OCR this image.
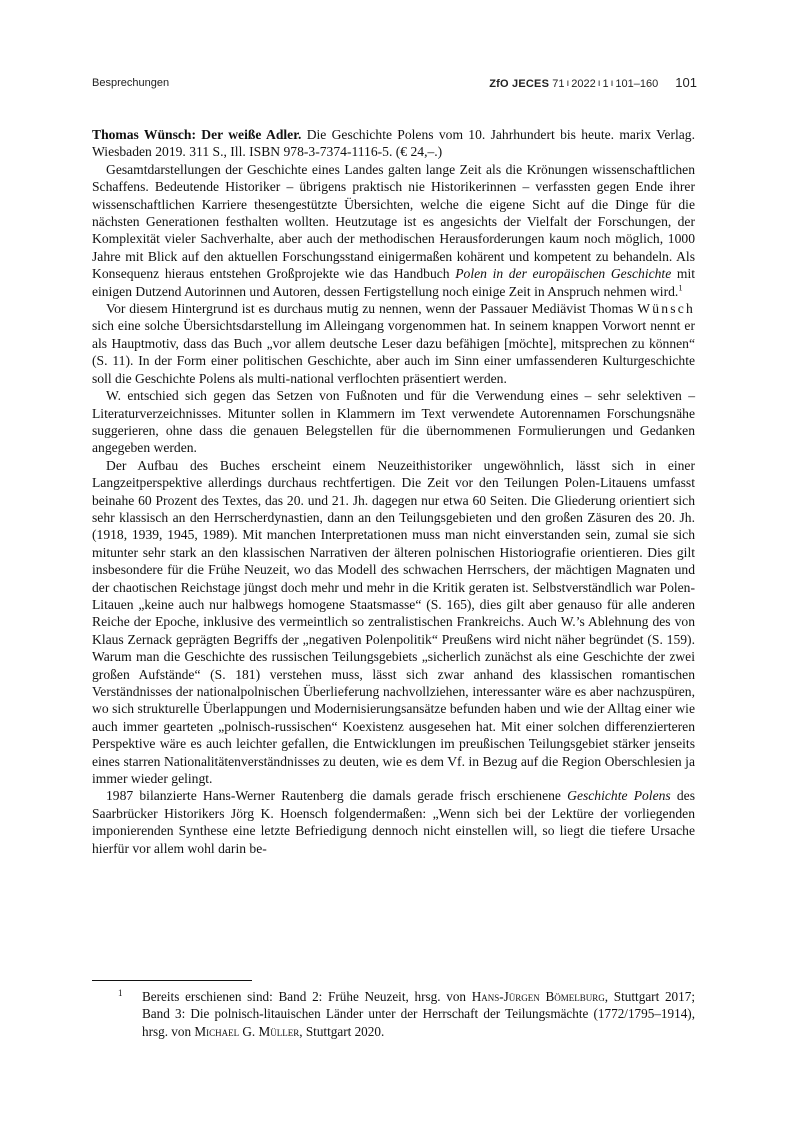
Besprechungen	ZfO JECES 71 ı 2022 ı 1 ı 101–160 101

Thomas Wünsch: Der weiße Adler. Die Geschichte Polens vom 10. Jahrhundert bis heute. marix Verlag. Wiesbaden 2019. 311 S., Ill. ISBN 978-3-7374-1116-5. (€ 24,–.)

Gesamtdarstellungen der Geschichte eines Landes galten lange Zeit als die Krönungen wissenschaftlichen Schaffens. Bedeutende Historiker – übrigens praktisch nie Historikerinnen – verfassten gegen Ende ihrer wissenschaftlichen Karriere thesengestützte Übersichten, welche die eigene Sicht auf die Dinge für die nächsten Generationen festhalten wollten. Heutzutage ist es angesichts der Vielfalt der Forschungen, der Komplexität vieler Sachverhalte, aber auch der methodischen Herausforderungen kaum noch möglich, 1000 Jahre mit Blick auf den aktuellen Forschungsstand einigermaßen kohärent und kompetent zu behandeln. Als Konsequenz hieraus entstehen Großprojekte wie das Handbuch Polen in der europäischen Geschichte mit einigen Dutzend Autorinnen und Autoren, dessen Fertigstellung noch einige Zeit in Anspruch nehmen wird.$^1$

Vor diesem Hintergrund ist es durchaus mutig zu nennen, wenn der Passauer Mediävist Thomas Wünsch sich eine solche Übersichtsdarstellung im Alleingang vorgenommen hat. In seinem knappen Vorwort nennt er als Hauptmotiv, dass das Buch „vor allem deutsche Leser dazu befähigen [möchte], mitsprechen zu können“ (S. 11). In der Form einer politischen Geschichte, aber auch im Sinn einer umfassenderen Kulturgeschichte soll die Geschichte Polens als multi-national verflochten präsentiert werden.

W. entschied sich gegen das Setzen von Fußnoten und für die Verwendung eines – sehr selektiven – Literaturverzeichnisses. Mitunter sollen in Klammern im Text verwendete Autorennamen Forschungsnähe suggerieren, ohne dass die genauen Belegstellen für die übernommenen Formulierungen und Gedanken angegeben werden.

Der Aufbau des Buches erscheint einem Neuzeithistoriker ungewöhnlich, lässt sich in einer Langzeitperspektive allerdings durchaus rechtfertigen. Die Zeit vor den Teilungen Polen-Litauens umfasst beinahe 60 Prozent des Textes, das 20. und 21. Jh. dagegen nur etwa 60 Seiten. Die Gliederung orientiert sich sehr klassisch an den Herrscherdynastien, dann an den Teilungsgebieten und den großen Zäsuren des 20. Jh. (1918, 1939, 1945, 1989). Mit manchen Interpretationen muss man nicht einverstanden sein, zumal sie sich mitunter sehr stark an den klassischen Narrativen der älteren polnischen Historiografie orientieren. Dies gilt insbesondere für die Frühe Neuzeit, wo das Modell des schwachen Herrschers, der mächtigen Magnaten und der chaotischen Reichstage jüngst doch mehr und mehr in die Kritik geraten ist. Selbstverständlich war Polen-Litauen „keine auch nur halbwegs homogene Staatsmasse“ (S. 165), dies gilt aber genauso für alle anderen Reiche der Epoche, inklusive des vermeintlich so zentralistischen Frankreichs. Auch W.’s Ablehnung des von Klaus Zernack geprägten Begriffs der „negativen Polenpolitik“ Preußens wird nicht näher begründet (S. 159). Warum man die Geschichte des russischen Teilungsgebiets „sicherlich zunächst als eine Geschichte der zwei großen Aufstände“ (S. 181) verstehen muss, lässt sich zwar anhand des klassischen romantischen Verständnisses der nationalpolnischen Überlieferung nachvollziehen, interessanter wäre es aber nachzuspüren, wo sich strukturelle Überlappungen und Modernisierungsansätze befunden haben und wie der Alltag einer wie auch immer gearteten „polnisch-russischen“ Koexistenz ausgesehen hat. Mit einer solchen differenzierteren Perspektive wäre es auch leichter gefallen, die Entwicklungen im preußischen Teilungsgebiet stärker jenseits eines starren Nationalitätenverständnisses zu deuten, wie es dem Vf. in Bezug auf die Region Oberschlesien ja immer wieder gelingt.

1987 bilanzierte Hans-Werner Rautenberg die damals gerade frisch erschienene Geschichte Polens des Saarbrücker Historikers Jörg K. Hoensch folgendermaßen: „Wenn sich bei der Lektüre der vorliegenden imponierenden Synthese eine letzte Befriedigung dennoch nicht einstellen will, so liegt die tiefere Ursache hierfür vor allem wohl darin be-

1 Bereits erschienen sind: Band 2: Frühe Neuzeit, hrsg. von Hans-Jürgen Bömelburg, Stuttgart 2017; Band 3: Die polnisch-litauischen Länder unter der Herrschaft der Teilungsmächte (1772/1795–1914), hrsg. von Michael G. Müller, Stuttgart 2020.
